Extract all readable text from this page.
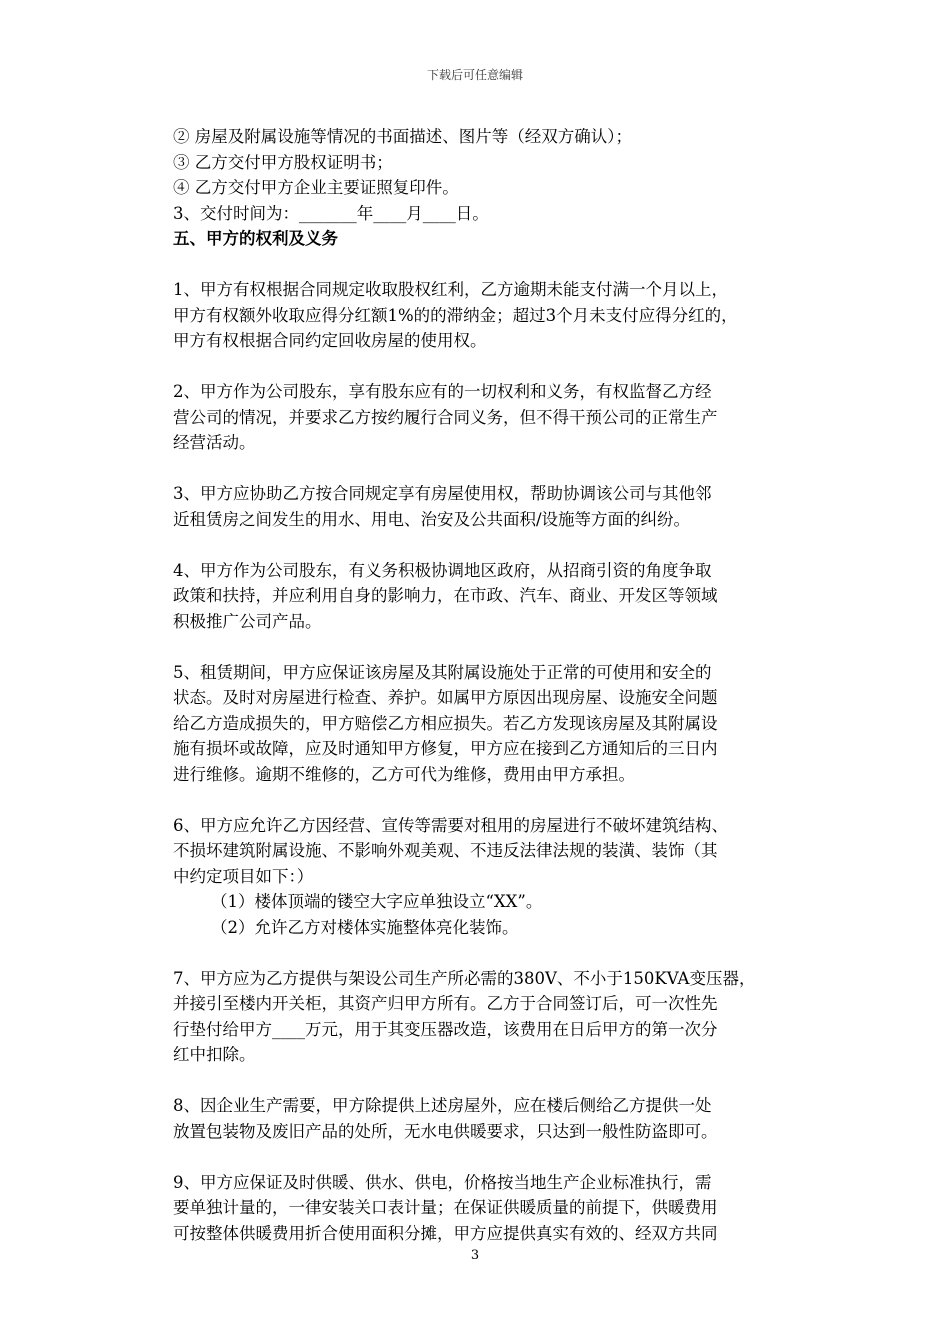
下载后可任意编辑
② 房屋及附属设施等情况的书面描述、图片等（经双方确认）；
③ 乙方交付甲方股权证明书；
④ 乙方交付甲方企业主要证照复印件。
3、交付时间为：_______年____月____日。
五、甲方的权利及义务
1、甲方有权根据合同规定收取股权红利，乙方逾期未能支付满一个月以上，
甲方有权额外收取应得分红额1%的的滞纳金；超过3个月未支付应得分红的，
甲方有权根据合同约定回收房屋的使用权。
2、甲方作为公司股东，享有股东应有的一切权利和义务，有权监督乙方经
营公司的情况，并要求乙方按约履行合同义务，但不得干预公司的正常生产
经营活动。
3、甲方应协助乙方按合同规定享有房屋使用权，帮助协调该公司与其他邻
近租赁房之间发生的用水、用电、治安及公共面积/设施等方面的纠纷。
4、甲方作为公司股东，有义务积极协调地区政府，从招商引资的角度争取
政策和扶持，并应利用自身的影响力，在市政、汽车、商业、开发区等领域
积极推广公司产品。
5、租赁期间，甲方应保证该房屋及其附属设施处于正常的可使用和安全的
状态。及时对房屋进行检查、养护。如属甲方原因出现房屋、设施安全问题
给乙方造成损失的，甲方赔偿乙方相应损失。若乙方发现该房屋及其附属设
施有损坏或故障，应及时通知甲方修复，甲方应在接到乙方通知后的三日内
进行维修。逾期不维修的，乙方可代为维修，费用由甲方承担。
6、甲方应允许乙方因经营、宣传等需要对租用的房屋进行不破坏建筑结构、
不损坏建筑附属设施、不影响外观美观、不违反法律法规的装潢、装饰（其
中约定项目如下：）
（1）楼体顶端的镂空大字应单独设立“XX”。
（2）允许乙方对楼体实施整体亮化装饰。
7、甲方应为乙方提供与架设公司生产所必需的380V、不小于150KVA变压器，
并接引至楼内开关柜，其资产归甲方所有。乙方于合同签订后，可一次性先
行垫付给甲方____万元，用于其变压器改造，该费用在日后甲方的第一次分
红中扣除。
8、因企业生产需要，甲方除提供上述房屋外，应在楼后侧给乙方提供一处
放置包装物及废旧产品的处所，无水电供暖要求，只达到一般性防盗即可。
9、甲方应保证及时供暖、供水、供电，价格按当地生产企业标准执行，需
要单独计量的，一律安装关口表计量；在保证供暖质量的前提下，供暖费用
可按整体供暖费用折合使用面积分摊，甲方应提供真实有效的、经双方共同
3
